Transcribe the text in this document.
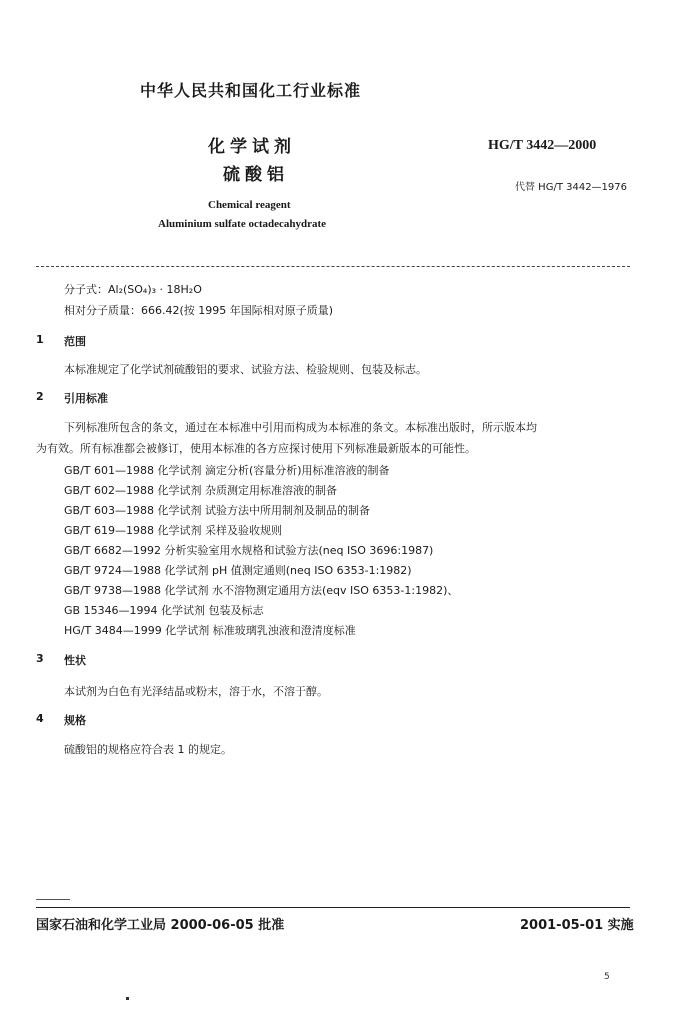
中华人民共和国化工行业标准
化学试剂
硫酸铝
HG/T 3442—2000
代替 HG/T 3442—1976
Chemical reagent
Aluminium sulfate octadecahydrate
分子式：Al₂(SO₄)₃ · 18H₂O
相对分子质量：666.42(按 1995 年国际相对原子质量)
1 范围
本标准规定了化学试剂硫酸铝的要求、试验方法、检验规则、包装及标志。
2 引用标准
下列标准所包含的条文，通过在本标准中引用而构成为本标准的条文。本标准出版时，所示版本均
为有效。所有标准都会被修订，使用本标准的各方应探讨使用下列标准最新版本的可能性。
GB/T 601—1988 化学试剂 滴定分析(容量分析)用标准溶液的制备
GB/T 602—1988 化学试剂 杂质测定用标准溶液的制备
GB/T 603—1988 化学试剂 试验方法中所用制剂及制品的制备
GB/T 619—1988 化学试剂 采样及验收规则
GB/T 6682—1992 分析实验室用水规格和试验方法(neq ISO 3696:1987)
GB/T 9724—1988 化学试剂 pH 值测定通则(neq ISO 6353-1:1982)
GB/T 9738—1988 化学试剂 水不溶物测定通用方法(eqv ISO 6353-1:1982)、
GB 15346—1994 化学试剂 包装及标志
HG/T 3484—1999 化学试剂 标准玻璃乳浊液和澄清度标准
3 性状
本试剂为白色有光泽结晶或粉末，溶于水，不溶于醇。
4 规格
硫酸铝的规格应符合表 1 的规定。
国家石油和化学工业局 2000-06-05 批准	2001-05-01 实施
5
